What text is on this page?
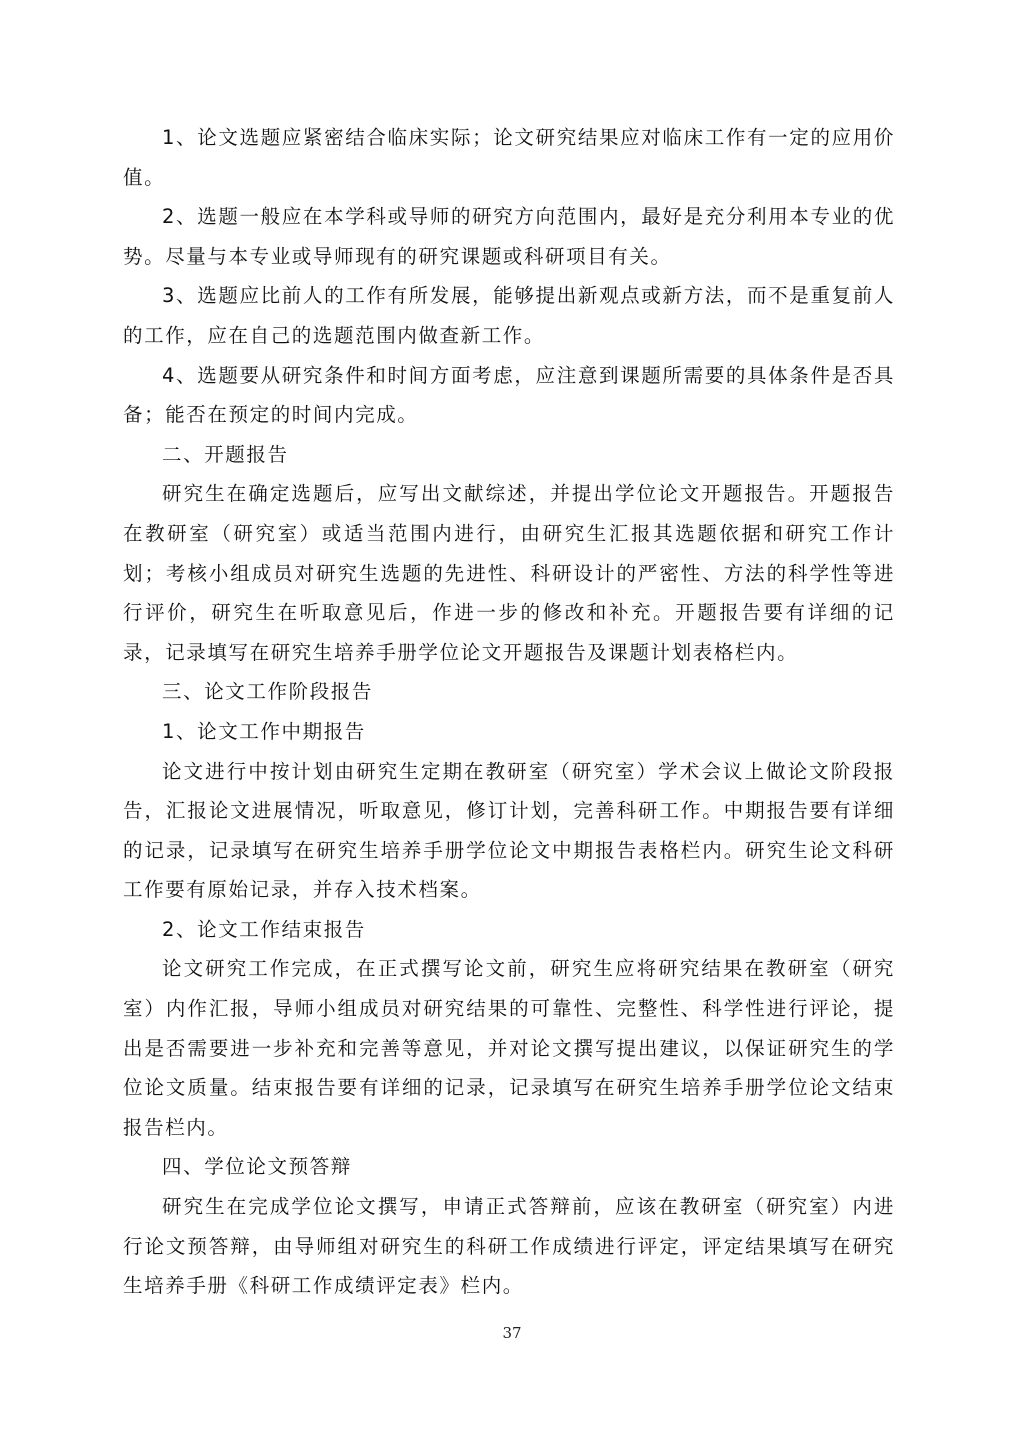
1、论文选题应紧密结合临床实际；论文研究结果应对临床工作有一定的应用价值。

2、选题一般应在本学科或导师的研究方向范围内，最好是充分利用本专业的优势。尽量与本专业或导师现有的研究课题或科研项目有关。

3、选题应比前人的工作有所发展，能够提出新观点或新方法，而不是重复前人的工作，应在自己的选题范围内做查新工作。

4、选题要从研究条件和时间方面考虑，应注意到课题所需要的具体条件是否具备；能否在预定的时间内完成。

二、开题报告

研究生在确定选题后，应写出文献综述，并提出学位论文开题报告。开题报告在教研室（研究室）或适当范围内进行，由研究生汇报其选题依据和研究工作计划；考核小组成员对研究生选题的先进性、科研设计的严密性、方法的科学性等进行评价，研究生在听取意见后，作进一步的修改和补充。开题报告要有详细的记录，记录填写在研究生培养手册学位论文开题报告及课题计划表格栏内。

三、论文工作阶段报告

1、论文工作中期报告

论文进行中按计划由研究生定期在教研室（研究室）学术会议上做论文阶段报告，汇报论文进展情况，听取意见，修订计划，完善科研工作。中期报告要有详细的记录，记录填写在研究生培养手册学位论文中期报告表格栏内。研究生论文科研工作要有原始记录，并存入技术档案。

2、论文工作结束报告

论文研究工作完成，在正式撰写论文前，研究生应将研究结果在教研室（研究室）内作汇报，导师小组成员对研究结果的可靠性、完整性、科学性进行评论，提出是否需要进一步补充和完善等意见，并对论文撰写提出建议，以保证研究生的学位论文质量。结束报告要有详细的记录，记录填写在研究生培养手册学位论文结束报告栏内。

四、学位论文预答辩

研究生在完成学位论文撰写，申请正式答辩前，应该在教研室（研究室）内进行论文预答辩，由导师组对研究生的科研工作成绩进行评定，评定结果填写在研究生培养手册《科研工作成绩评定表》栏内。

37
